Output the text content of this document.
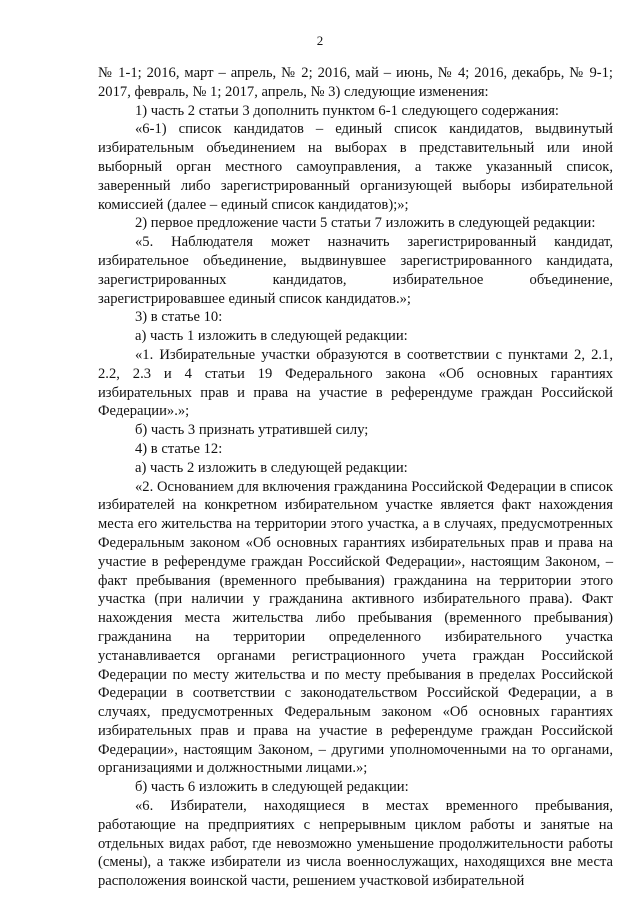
2

№ 1-1; 2016, март – апрель, № 2; 2016, май – июнь, № 4; 2016, декабрь, № 9-1; 2017, февраль, № 1; 2017, апрель, № 3) следующие изменения:

1) часть 2 статьи 3 дополнить пунктом 6-1 следующего содержания:

«6-1) список кандидатов – единый список кандидатов, выдвинутый избирательным объединением на выборах в представительный или иной выборный орган местного самоуправления, а также указанный список, заверенный либо зарегистрированный организующей выборы избирательной комиссией (далее – единый список кандидатов);»;

2) первое предложение части 5 статьи 7 изложить в следующей редакции:

«5. Наблюдателя может назначить зарегистрированный кандидат, избирательное объединение, выдвинувшее зарегистрированного кандидата, зарегистрированных кандидатов, избирательное объединение, зарегистрировавшее единый список кандидатов.»;

3) в статье 10:

а) часть 1 изложить в следующей редакции:

«1. Избирательные участки образуются в соответствии с пунктами 2, 2.1, 2.2, 2.3 и 4 статьи 19 Федерального закона «Об основных гарантиях избирательных прав и права на участие в референдуме граждан Российской Федерации».»;

б) часть 3 признать утратившей силу;

4) в статье 12:

а) часть 2 изложить в следующей редакции:

«2. Основанием для включения гражданина Российской Федерации в список избирателей на конкретном избирательном участке является факт нахождения места его жительства на территории этого участка, а в случаях, предусмотренных Федеральным законом «Об основных гарантиях избирательных прав и права на участие в референдуме граждан Российской Федерации», настоящим Законом, – факт пребывания (временного пребывания) гражданина на территории этого участка (при наличии у гражданина активного избирательного права). Факт нахождения места жительства либо пребывания (временного пребывания) гражданина на территории определенного избирательного участка устанавливается органами регистрационного учета граждан Российской Федерации по месту жительства и по месту пребывания в пределах Российской Федерации в соответствии с законодательством Российской Федерации, а в случаях, предусмотренных Федеральным законом «Об основных гарантиях избирательных прав и права на участие в референдуме граждан Российской Федерации», настоящим Законом, – другими уполномоченными на то органами, организациями и должностными лицами.»;

б) часть 6 изложить в следующей редакции:

«6. Избиратели, находящиеся в местах временного пребывания, работающие на предприятиях с непрерывным циклом работы и занятые на отдельных видах работ, где невозможно уменьшение продолжительности работы (смены), а также избиратели из числа военнослужащих, находящихся вне места расположения воинской части, решением участковой избирательной
